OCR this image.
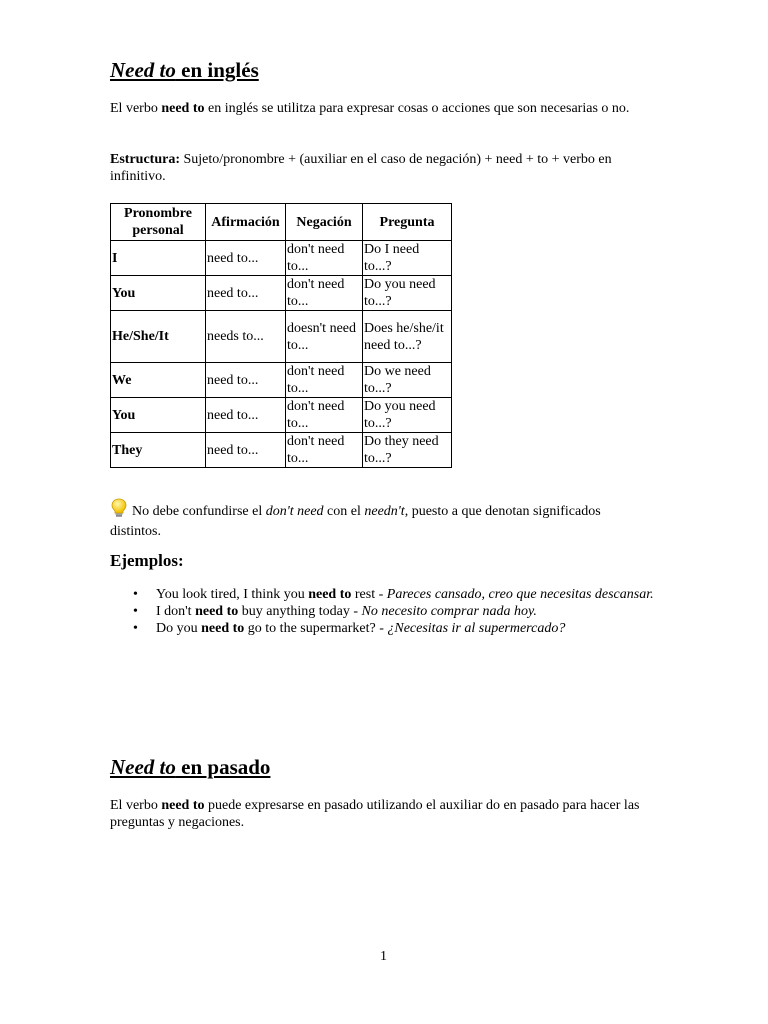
Need to en inglés

El verbo need to en inglés se utilitza para expresar cosas o acciones que son necesarias o no.

Estructura: Sujeto/pronombre + (auxiliar en el caso de negación) + need + to + verbo en infinitivo.

Pronombre personal	Afirmación	Negación	Pregunta
I	need to...	don't need to...	Do I need to...?
You	need to...	don't need to...	Do you need to...?
He/She/It	needs to...	doesn't need to...	Does he/she/it need to...?
We	need to...	don't need to...	Do we need to...?
You	need to...	don't need to...	Do you need to...?
They	need to...	don't need to...	Do they need to...?

No debe confundirse el don't need con el needn't, puesto a que denotan significados distintos.

Ejemplos:
• You look tired, I think you need to rest - Pareces cansado, creo que necesitas descansar.
• I don't need to buy anything today - No necesito comprar nada hoy.
• Do you need to go to the supermarket? - ¿Necesitas ir al supermercado?
Need to en pasado

El verbo need to puede expresarse en pasado utilizando el auxiliar do en pasado para hacer las preguntas y negaciones.

1
